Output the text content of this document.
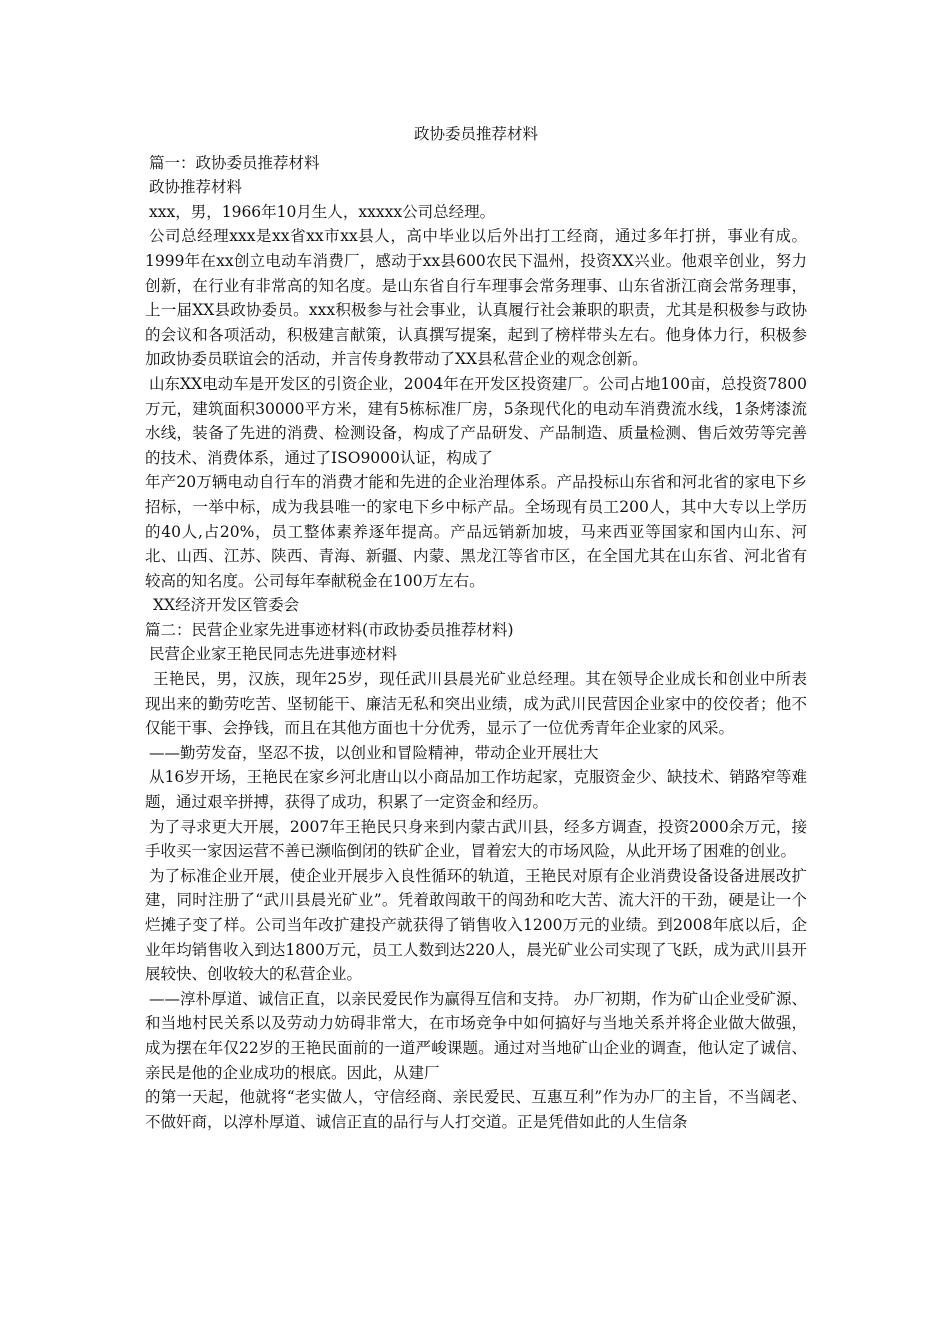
政协委员推荐材料

篇一：政协委员推荐材料

政协推荐材料

xxx，男，1966年10月生人，xxxxx公司总经理。

公司总经理xxx是xx省xx市xx县人，高中毕业以后外出打工经商，通过多年打拼，事业有成。1999年在xx创立电动车消费厂，感动于xx县600农民下温州，投资XX兴业。他艰辛创业，努力创新，在行业有非常高的知名度。是山东省自行车理事会常务理事、山东省浙江商会常务理事，上一届XX县政协委员。xxx积极参与社会事业，认真履行社会兼职的职责，尤其是积极参与政协的会议和各项活动，积极建言献策，认真撰写提案，起到了榜样带头左右。他身体力行，积极参加政协委员联谊会的活动，并言传身教带动了XX县私营企业的观念创新。

山东XX电动车是开发区的引资企业，2004年在开发区投资建厂。公司占地100亩，总投资7800万元，建筑面积30000平方米，建有5栋标准厂房，5条现代化的电动车消费流水线，1条烤漆流水线，装备了先进的消费、检测设备，构成了产品研发、产品制造、质量检测、售后效劳等完善的技术、消费体系，通过了ISO9000认证，构成了

年产20万辆电动自行车的消费才能和先进的企业治理体系。产品投标山东省和河北省的家电下乡招标，一举中标，成为我县唯一的家电下乡中标产品。全场现有员工200人，其中大专以上学历的40人,占20%，员工整体素养逐年提高。产品远销新加坡，马来西亚等国家和国内山东、河北、山西、江苏、陕西、青海、新疆、内蒙、黑龙江等省市区，在全国尤其在山东省、河北省有较高的知名度。公司每年奉献税金在100万左右。

XX经济开发区管委会

篇二：民营企业家先进事迹材料(市政协委员推荐材料)

民营企业家王艳民同志先进事迹材料

王艳民，男，汉族，现年25岁，现任武川县晨光矿业总经理。其在领导企业成长和创业中所表现出来的勤劳吃苦、坚韧能干、廉洁无私和突出业绩，成为武川民营因企业家中的佼佼者；他不仅能干事、会挣钱，而且在其他方面也十分优秀，显示了一位优秀青年企业家的风采。

——勤劳发奋，坚忍不拔，以创业和冒险精神，带动企业开展壮大

从16岁开场，王艳民在家乡河北唐山以小商品加工作坊起家，克服资金少、缺技术、销路窄等难题，通过艰辛拼搏，获得了成功，积累了一定资金和经历。

为了寻求更大开展，2007年王艳民只身来到内蒙古武川县，经多方调查，投资2000余万元，接手收买一家因运营不善已濒临倒闭的铁矿企业，冒着宏大的市场风险，从此开场了困难的创业。

为了标准企业开展，使企业开展步入良性循环的轨道，王艳民对原有企业消费设备设备进展改扩建，同时注册了“武川县晨光矿业”。凭着敢闯敢干的闯劲和吃大苦、流大汗的干劲，硬是让一个烂摊子变了样。公司当年改扩建投产就获得了销售收入1200万元的业绩。到2008年底以后，企业年均销售收入到达1800万元，员工人数到达220人，晨光矿业公司实现了飞跃，成为武川县开展较快、创收较大的私营企业。

——淳朴厚道、诚信正直，以亲民爱民作为赢得互信和支持。 办厂初期，作为矿山企业受矿源、和当地村民关系以及劳动力妨碍非常大，在市场竞争中如何搞好与当地关系并将企业做大做强，成为摆在年仅22岁的王艳民面前的一道严峻课题。通过对当地矿山企业的调查，他认定了诚信、亲民是他的企业成功的根底。因此，从建厂

的第一天起，他就将“老实做人，守信经商、亲民爱民、互惠互利”作为办厂的主旨，不当阔老、不做奸商，以淳朴厚道、诚信正直的品行与人打交道。正是凭借如此的人生信条
